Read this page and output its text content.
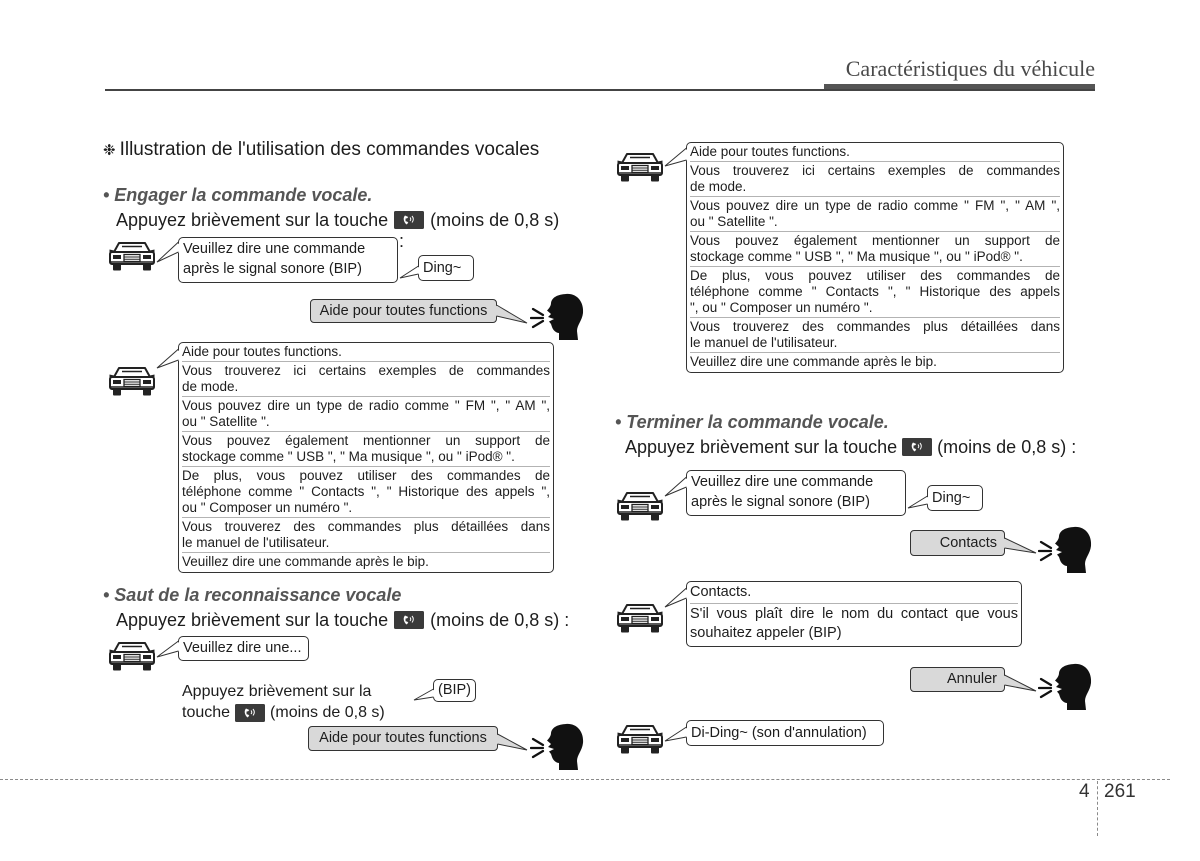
Caractéristiques du véhicule
❉ Illustration de l'utilisation des commandes vocales
• Engager la commande vocale.
Appuyez brièvement sur la touche (moins de 0,8 s)
:
Veuillez dire une commande
après le signal sonore (BIP)	Ding~
Aide pour toutes functions
Aide pour toutes functions.
Vous trouverez ici certains exemples de commandes
de mode.
Vous pouvez dire un type de radio comme " FM ", " AM ",
ou " Satellite ".
Vous pouvez également mentionner un support de
stockage comme " USB ", " Ma musique ", ou " iPod® ".
De plus, vous pouvez utiliser des commandes de
téléphone comme " Contacts ", " Historique des appels ",
ou " Composer un numéro ".
Vous trouverez des commandes plus détaillées dans
le manuel de l'utilisateur.
Veuillez dire une commande après le bip.
• Saut de la reconnaissance vocale
Appuyez brièvement sur la touche (moins de 0,8 s) :
Veuillez dire une...
Appuyez brièvement sur la
touche	(moins de 0,8 s)
(BIP)
Aide pour toutes functions
Aide pour toutes functions.
Vous trouverez ici certains exemples de commandes
de mode.
Vous pouvez dire un type de radio comme " FM ", " AM ",
ou " Satellite ".
Vous pouvez également mentionner un support de
stockage comme " USB ", " Ma musique ", ou " iPod® ".
De plus, vous pouvez utiliser des commandes de
téléphone comme " Contacts ", " Historique des appels
", ou " Composer un numéro ".
Vous trouverez des commandes plus détaillées dans
le manuel de l'utilisateur.
Veuillez dire une commande après le bip.
• Terminer la commande vocale.
Appuyez brièvement sur la touche (moins de 0,8 s) :
Veuillez dire une commande
après le signal sonore (BIP)	Ding~
Contacts
Contacts.
S'il vous plaît dire le nom du contact que vous
souhaitez appeler (BIP)
Annuler
Di-Ding~ (son d'annulation)
4 261
